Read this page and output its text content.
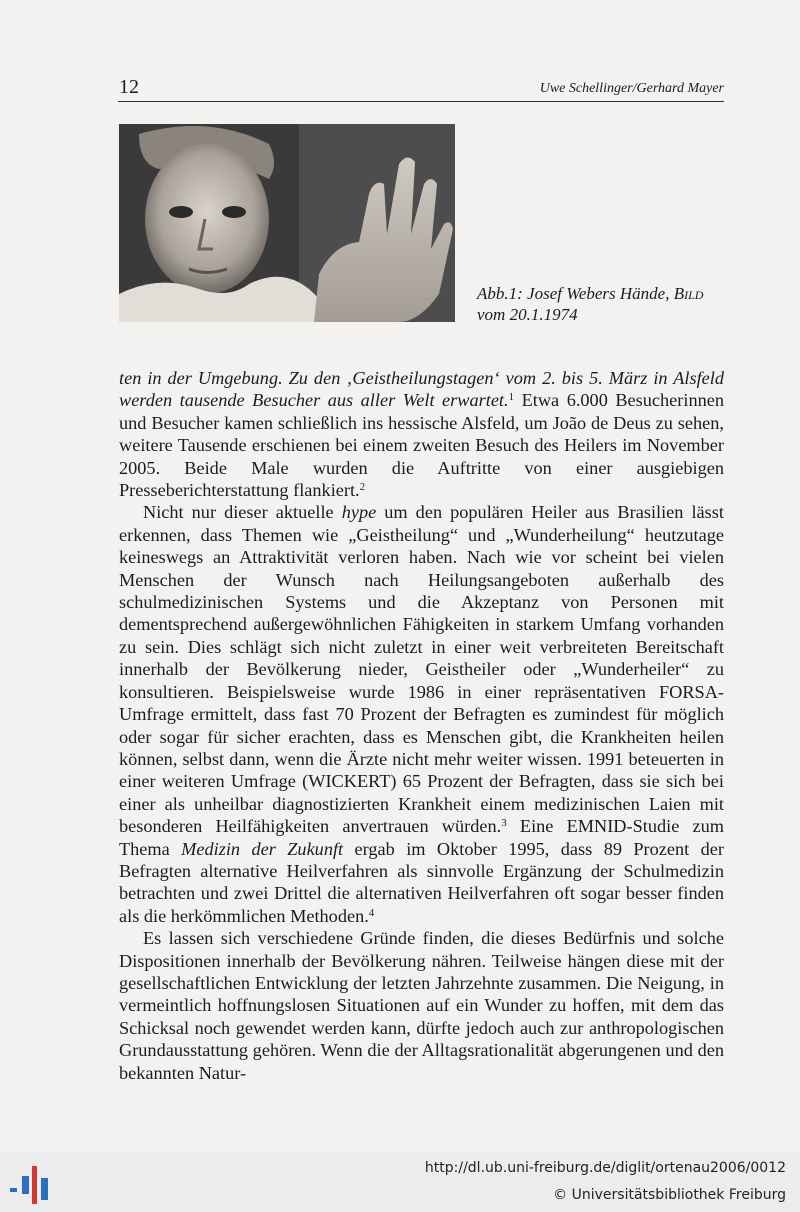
12	Uwe Schellinger/Gerhard Mayer
Abb.1: Josef Webers Hände, Bild vom 20.1.1974

ten in der Umgebung. Zu den ‚Geistheilungstagen‘ vom 2. bis 5. März in Alsfeld werden tausende Besucher aus aller Welt erwartet.$^1$ Etwa 6.000 Besucherinnen und Besucher kamen schließlich ins hessische Alsfeld, um João de Deus zu sehen, weitere Tausende erschienen bei einem zweiten Besuch des Heilers im November 2005. Beide Male wurden die Auftritte von einer ausgiebigen Presseberichterstattung flankiert.$^2$

Nicht nur dieser aktuelle hype um den populären Heiler aus Brasilien lässt erkennen, dass Themen wie „Geistheilung“ und „Wunderheilung“ heutzutage keineswegs an Attraktivität verloren haben. Nach wie vor scheint bei vielen Menschen der Wunsch nach Heilungsangeboten außerhalb des schulmedizinischen Systems und die Akzeptanz von Personen mit dementsprechend außergewöhnlichen Fähigkeiten in starkem Umfang vorhanden zu sein. Dies schlägt sich nicht zuletzt in einer weit verbreiteten Bereitschaft innerhalb der Bevölkerung nieder, Geistheiler oder „Wunderheiler“ zu konsultieren. Beispielsweise wurde 1986 in einer repräsentativen FORSA-Umfrage ermittelt, dass fast 70 Prozent der Befragten es zumindest für möglich oder sogar für sicher erachten, dass es Menschen gibt, die Krankheiten heilen können, selbst dann, wenn die Ärzte nicht mehr weiter wissen. 1991 beteuerten in einer weiteren Umfrage (WICKERT) 65 Prozent der Befragten, dass sie sich bei einer als unheilbar diagnostizierten Krankheit einem medizinischen Laien mit besonderen Heilfähigkeiten anvertrauen würden.$^3$ Eine EMNID-Studie zum Thema Medizin der Zukunft ergab im Oktober 1995, dass 89 Prozent der Befragten alternative Heilverfahren als sinnvolle Ergänzung der Schulmedizin betrachten und zwei Drittel die alternativen Heilverfahren oft sogar besser finden als die herkömmlichen Methoden.$^4$

Es lassen sich verschiedene Gründe finden, die dieses Bedürfnis und solche Dispositionen innerhalb der Bevölkerung nähren. Teilweise hängen diese mit der gesellschaftlichen Entwicklung der letzten Jahrzehnte zusammen. Die Neigung, in vermeintlich hoffnungslosen Situationen auf ein Wunder zu hoffen, mit dem das Schicksal noch gewendet werden kann, dürfte jedoch auch zur anthropologischen Grundausstattung gehören. Wenn die der Alltagsrationalität abgerungenen und den bekannten Natur-

http://dl.ub.uni-freiburg.de/diglit/ortenau2006/0012
© Universitätsbibliothek Freiburg
